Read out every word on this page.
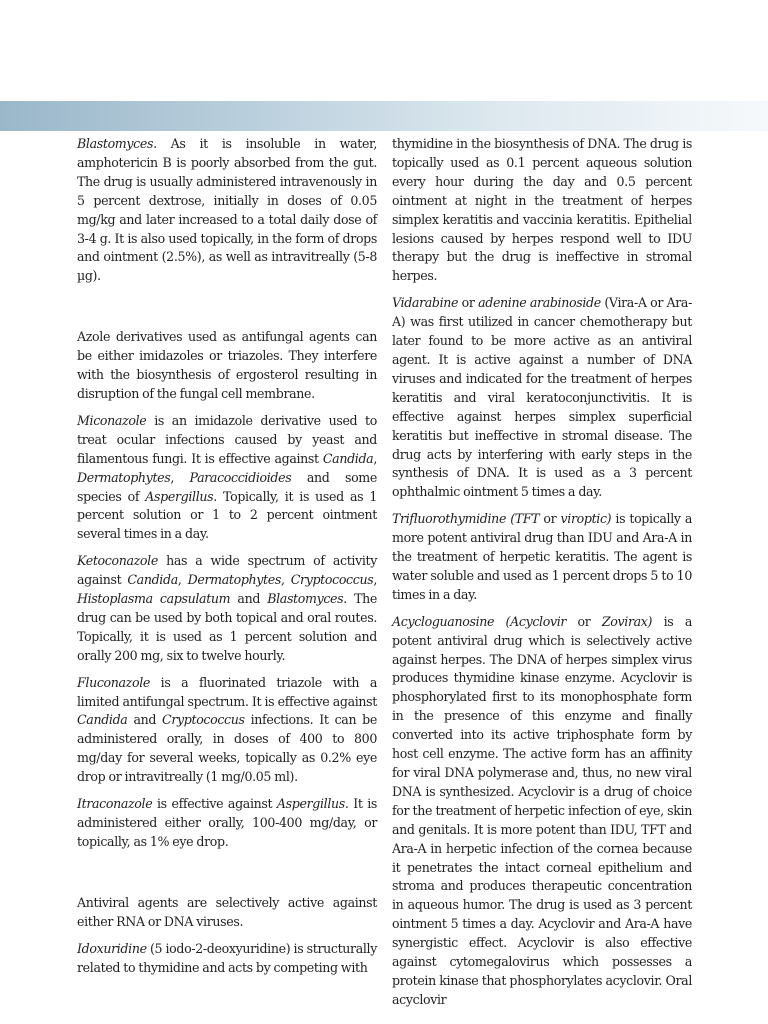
Blastomyces. As it is insoluble in water, amphotericin B is poorly absorbed from the gut. The drug is usually administered intravenously in 5 percent dextrose, initially in doses of 0.05 mg/kg and later increased to a total daily dose of 3-4 g. It is also used topically, in the form of drops and ointment (2.5%), as well as intravitreally (5-8 µg).

Azole derivatives used as antifungal agents can be either imidazoles or triazoles. They interfere with the biosynthesis of ergosterol resulting in disruption of the fungal cell membrane.

Miconazole is an imidazole derivative used to treat ocular infections caused by yeast and filamentous fungi. It is effective against Candida, Dermatophytes, Paracoccidioides and some species of Aspergillus. Topically, it is used as 1 percent solution or 1 to 2 percent ointment several times in a day.

Ketoconazole has a wide spectrum of activity against Candida, Dermatophytes, Cryptococcus, Histoplasma capsulatum and Blastomyces. The drug can be used by both topical and oral routes. Topically, it is used as 1 percent solution and orally 200 mg, six to twelve hourly.

Fluconazole is a fluorinated triazole with a limited antifungal spectrum. It is effective against Candida and Cryptococcus infections. It can be administered orally, in doses of 400 to 800 mg/day for several weeks, topically as 0.2% eye drop or intravitreally (1 mg/0.05 ml).

Itraconazole is effective against Aspergillus. It is administered either orally, 100-400 mg/day, or topically, as 1% eye drop.

Antiviral agents are selectively active against either RNA or DNA viruses.

Idoxuridine (5 iodo-2-deoxyuridine) is structurally related to thymidine and acts by competing with

thymidine in the biosynthesis of DNA. The drug is topically used as 0.1 percent aqueous solution every hour during the day and 0.5 percent ointment at night in the treatment of herpes simplex keratitis and vaccinia keratitis. Epithelial lesions caused by herpes respond well to IDU therapy but the drug is ineffective in stromal herpes.

Vidarabine or adenine arabinoside (Vira-A or Ara-A) was first utilized in cancer chemotherapy but later found to be more active as an antiviral agent. It is active against a number of DNA viruses and indicated for the treatment of herpes keratitis and viral keratoconjunctivitis. It is effective against herpes simplex superficial keratitis but ineffective in stromal disease. The drug acts by interfering with early steps in the synthesis of DNA. It is used as a 3 percent ophthalmic ointment 5 times a day.

Trifluorothymidine (TFT or viroptic) is topically a more potent antiviral drug than IDU and Ara-A in the treatment of herpetic keratitis. The agent is water soluble and used as 1 percent drops 5 to 10 times in a day.

Acycloguanosine (Acyclovir or Zovirax) is a potent antiviral drug which is selectively active against herpes. The DNA of herpes simplex virus produces thymidine kinase enzyme. Acyclovir is phosphorylated first to its monophosphate form in the presence of this enzyme and finally converted into its active triphosphate form by host cell enzyme. The active form has an affinity for viral DNA polymerase and, thus, no new viral DNA is synthesized. Acyclovir is a drug of choice for the treatment of herpetic infection of eye, skin and genitals. It is more potent than IDU, TFT and Ara-A in herpetic infection of the cornea because it penetrates the intact corneal epithelium and stroma and produces therapeutic concentration in aqueous humor. The drug is used as 3 percent ointment 5 times a day. Acyclovir and Ara-A have synergistic effect. Acyclovir is also effective against cytomegalovirus which possesses a protein kinase that phosphorylates acyclovir. Oral acyclovir
